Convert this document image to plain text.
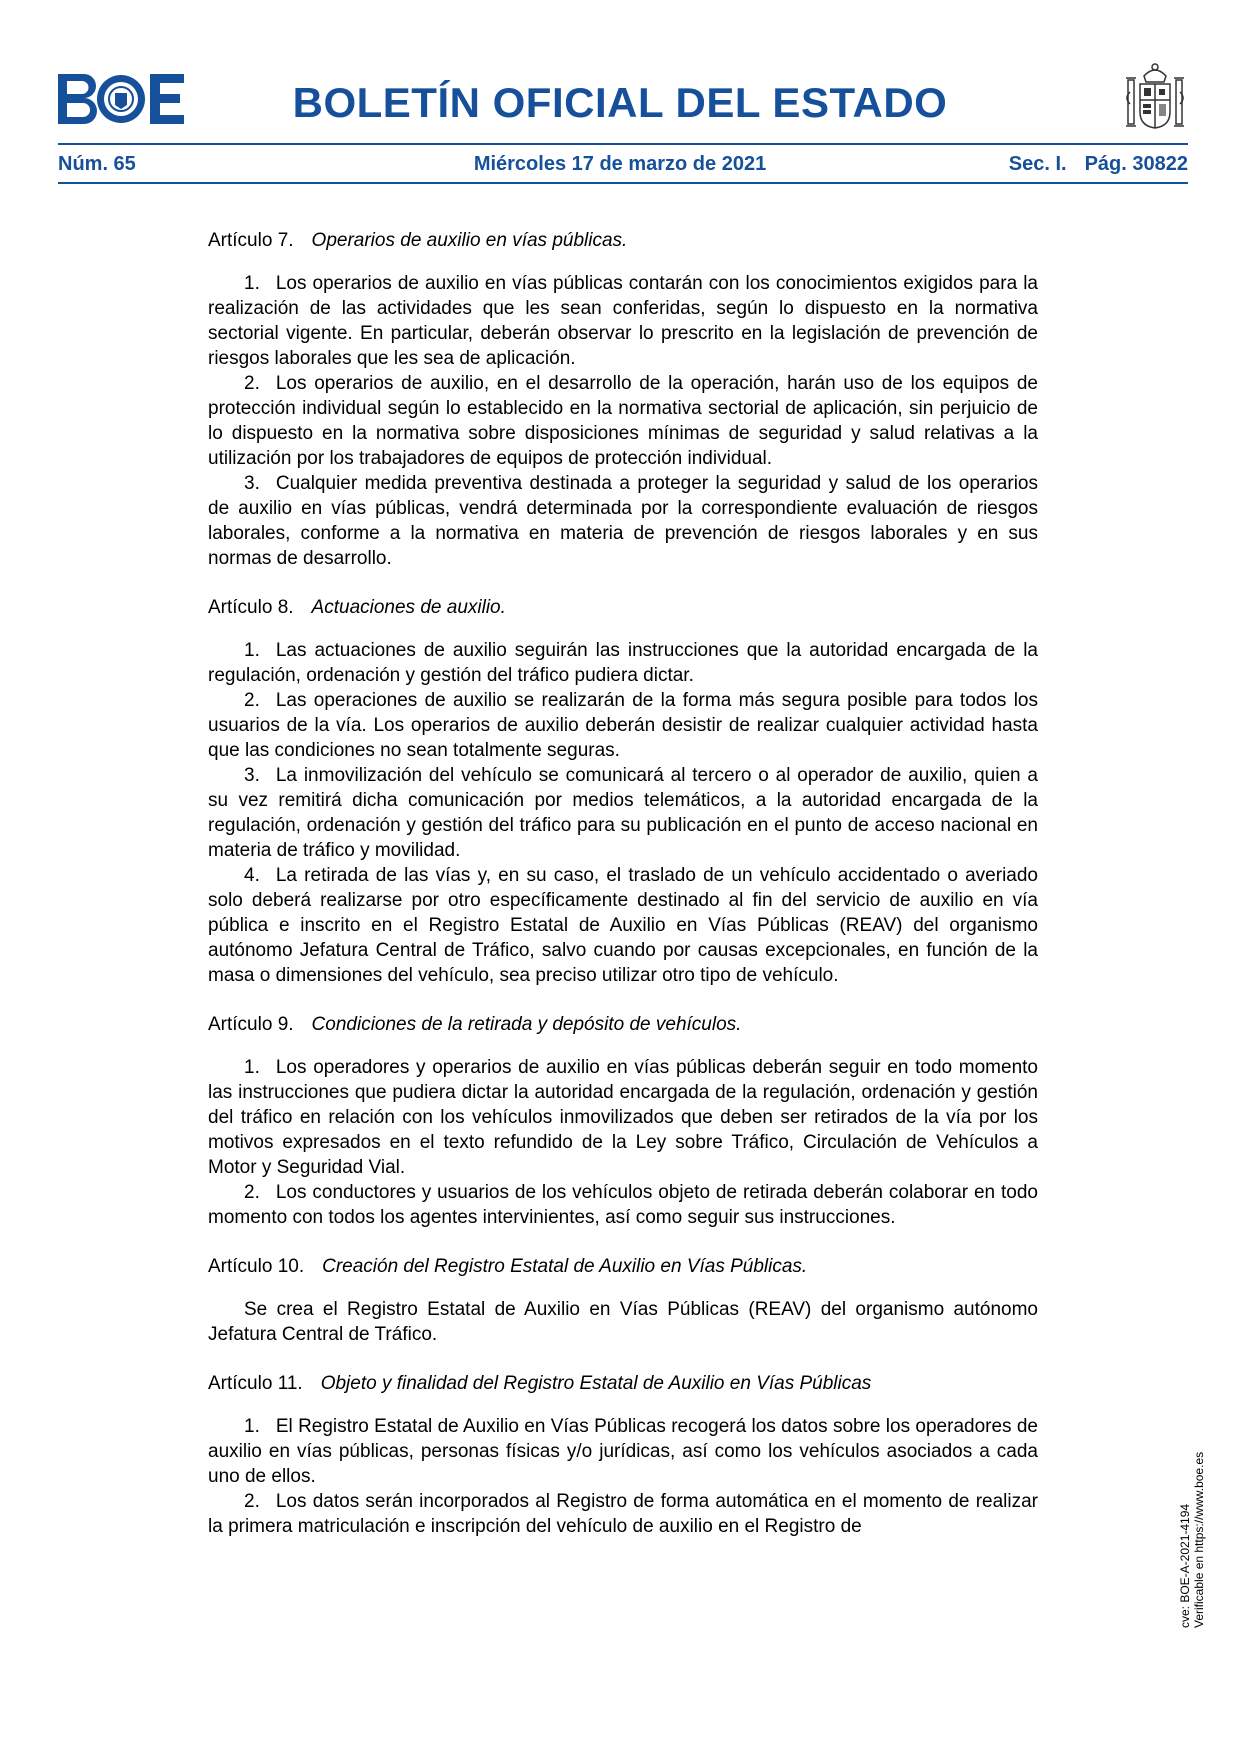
BOLETÍN OFICIAL DEL ESTADO
Núm. 65	Miércoles 17 de marzo de 2021	Sec. I. Pág. 30822
Artículo 7. Operarios de auxilio en vías públicas.

1. Los operarios de auxilio en vías públicas contarán con los conocimientos exigidos para la realización de las actividades que les sean conferidas, según lo dispuesto en la normativa sectorial vigente. En particular, deberán observar lo prescrito en la legislación de prevención de riesgos laborales que les sea de aplicación.

2. Los operarios de auxilio, en el desarrollo de la operación, harán uso de los equipos de protección individual según lo establecido en la normativa sectorial de aplicación, sin perjuicio de lo dispuesto en la normativa sobre disposiciones mínimas de seguridad y salud relativas a la utilización por los trabajadores de equipos de protección individual.

3. Cualquier medida preventiva destinada a proteger la seguridad y salud de los operarios de auxilio en vías públicas, vendrá determinada por la correspondiente evaluación de riesgos laborales, conforme a la normativa en materia de prevención de riesgos laborales y en sus normas de desarrollo.

Artículo 8. Actuaciones de auxilio.

1. Las actuaciones de auxilio seguirán las instrucciones que la autoridad encargada de la regulación, ordenación y gestión del tráfico pudiera dictar.

2. Las operaciones de auxilio se realizarán de la forma más segura posible para todos los usuarios de la vía. Los operarios de auxilio deberán desistir de realizar cualquier actividad hasta que las condiciones no sean totalmente seguras.

3. La inmovilización del vehículo se comunicará al tercero o al operador de auxilio, quien a su vez remitirá dicha comunicación por medios telemáticos, a la autoridad encargada de la regulación, ordenación y gestión del tráfico para su publicación en el punto de acceso nacional en materia de tráfico y movilidad.

4. La retirada de las vías y, en su caso, el traslado de un vehículo accidentado o averiado solo deberá realizarse por otro específicamente destinado al fin del servicio de auxilio en vía pública e inscrito en el Registro Estatal de Auxilio en Vías Públicas (REAV) del organismo autónomo Jefatura Central de Tráfico, salvo cuando por causas excepcionales, en función de la masa o dimensiones del vehículo, sea preciso utilizar otro tipo de vehículo.

Artículo 9. Condiciones de la retirada y depósito de vehículos.

1. Los operadores y operarios de auxilio en vías públicas deberán seguir en todo momento las instrucciones que pudiera dictar la autoridad encargada de la regulación, ordenación y gestión del tráfico en relación con los vehículos inmovilizados que deben ser retirados de la vía por los motivos expresados en el texto refundido de la Ley sobre Tráfico, Circulación de Vehículos a Motor y Seguridad Vial.

2. Los conductores y usuarios de los vehículos objeto de retirada deberán colaborar en todo momento con todos los agentes intervinientes, así como seguir sus instrucciones.

Artículo 10. Creación del Registro Estatal de Auxilio en Vías Públicas.

Se crea el Registro Estatal de Auxilio en Vías Públicas (REAV) del organismo autónomo Jefatura Central de Tráfico.

Artículo 11. Objeto y finalidad del Registro Estatal de Auxilio en Vías Públicas

1. El Registro Estatal de Auxilio en Vías Públicas recogerá los datos sobre los operadores de auxilio en vías públicas, personas físicas y/o jurídicas, así como los vehículos asociados a cada uno de ellos.

2. Los datos serán incorporados al Registro de forma automática en el momento de realizar la primera matriculación e inscripción del vehículo de auxilio en el Registro de	cve: BOE-A-2021-4194 Verificable en https://www.boe.es
